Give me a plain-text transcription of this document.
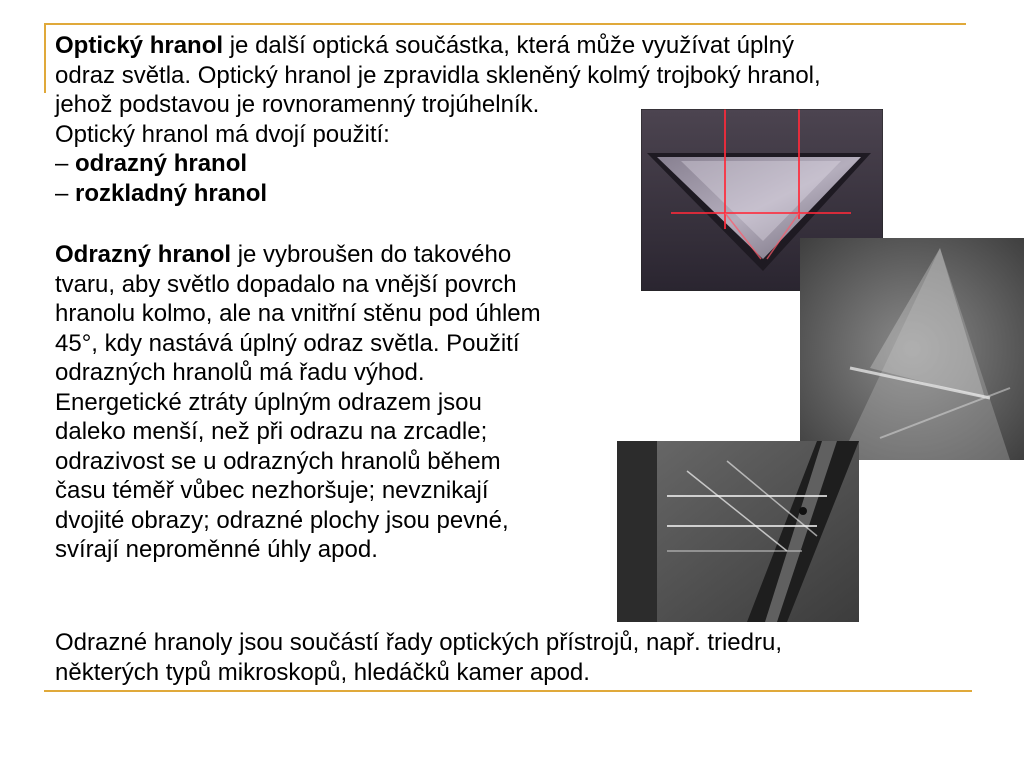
Optický hranol je další optická součástka, která může využívat úplný
odraz světla. Optický hranol je zpravidla skleněný kolmý trojboký hranol,
jehož podstavou je rovnoramenný trojúhelník.
Optický hranol má dvojí použití:
– odrazný hranol
– rozkladný hranol
Odrazný hranol je vybroušen do takového
tvaru, aby světlo dopadalo na vnější povrch
hranolu kolmo, ale na vnitřní stěnu pod úhlem
45°, kdy nastává úplný odraz světla. Použití
odrazných hranolů má řadu výhod.
Energetické ztráty úplným odrazem jsou
daleko menší, než při odrazu na zrcadle;
odrazivost se u odrazných hranolů během
času téměř vůbec nezhoršuje; nevznikají
dvojité obrazy; odrazné plochy jsou pevné,
svírají neproměnné úhly apod.
Odrazné hranoly jsou součástí řady optických přístrojů, např. triedru,
některých typů mikroskopů, hledáčků kamer apod.
